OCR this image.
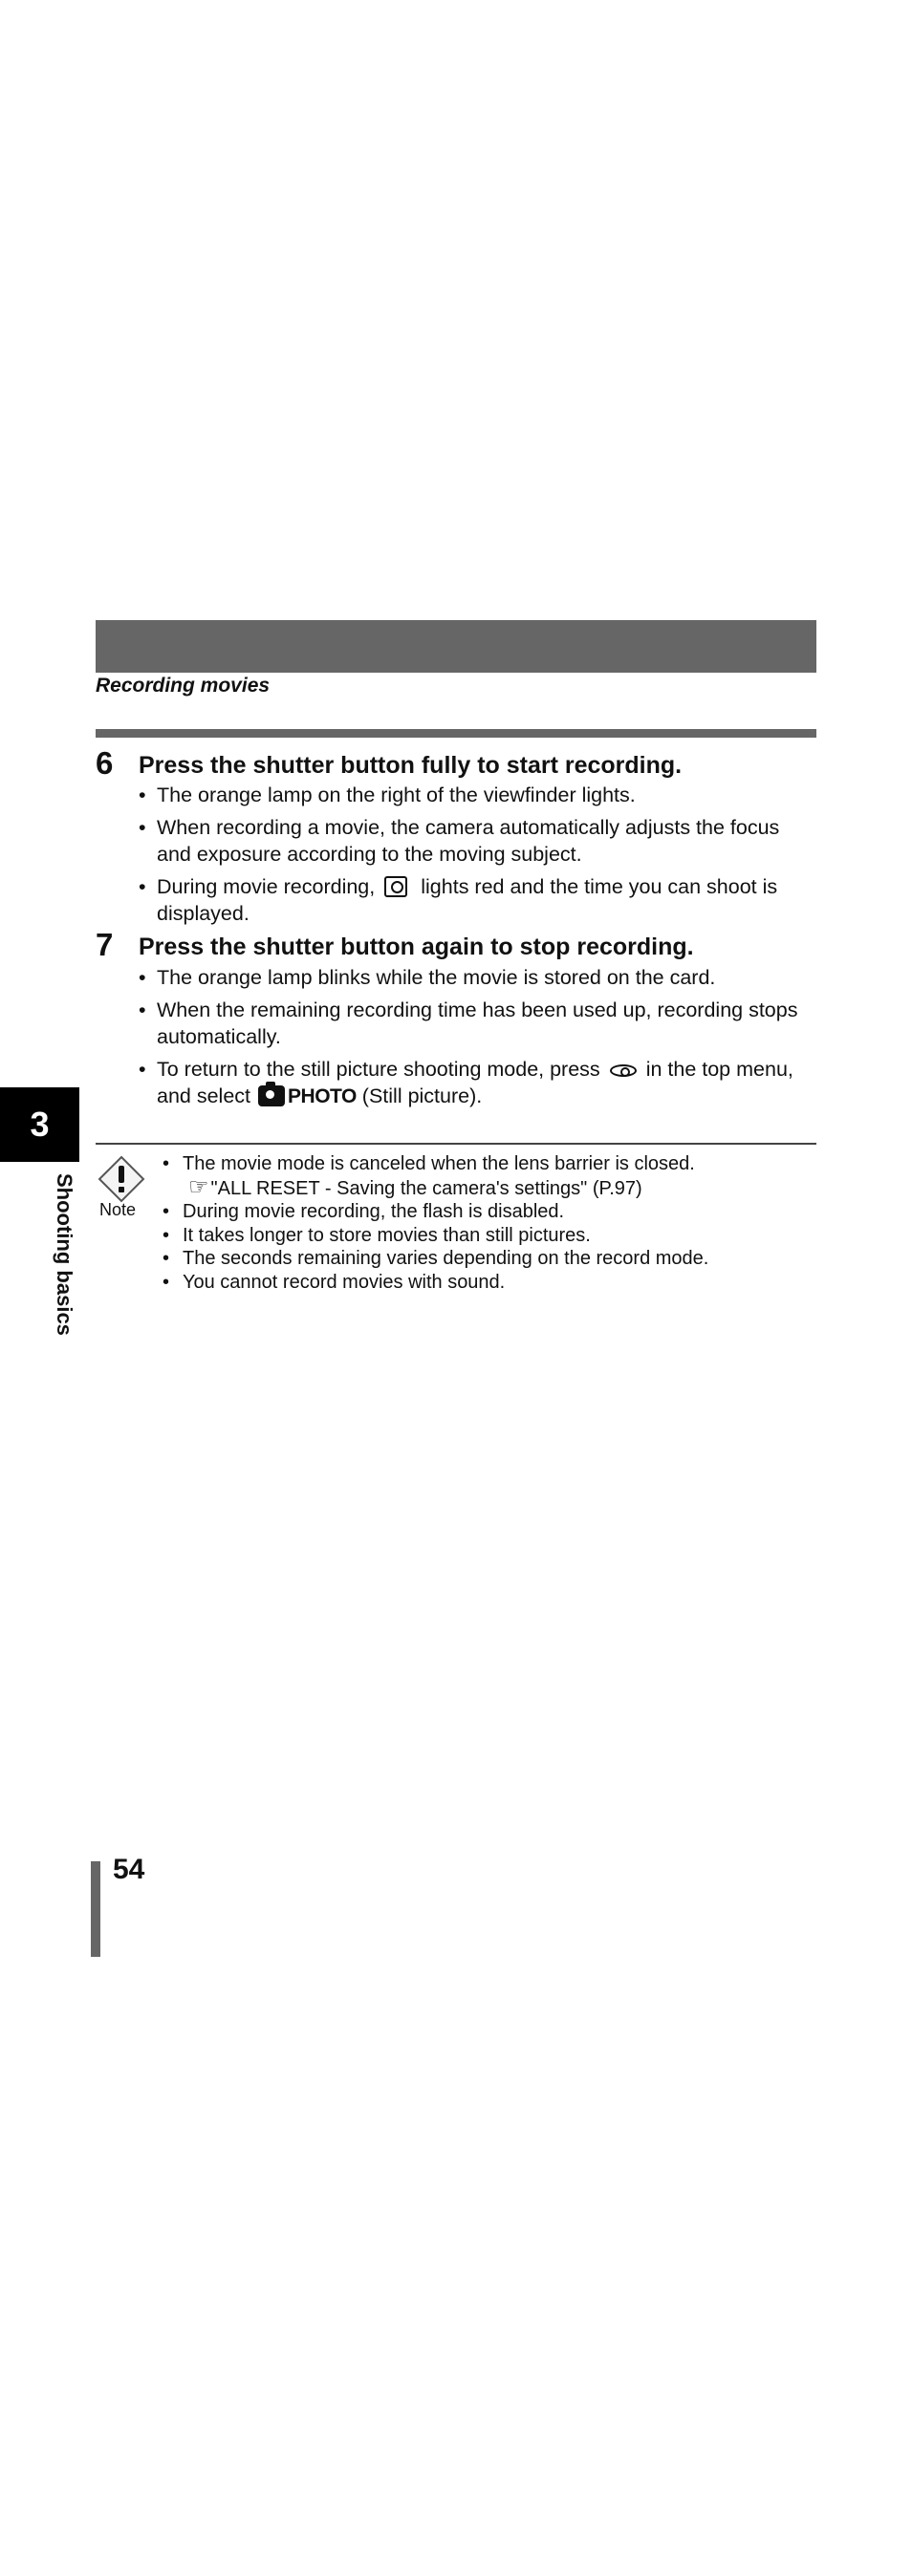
Recording movies
6 Press the shutter button fully to start recording.
• The orange lamp on the right of the viewfinder lights.
• When recording a movie, the camera automatically adjusts the focus and exposure according to the moving subject.
• During movie recording, lights red and the time you can shoot is displayed.
7 Press the shutter button again to stop recording.
• The orange lamp blinks while the movie is stored on the card.
• When the remaining recording time has been used up, recording stops automatically.
• To return to the still picture shooting mode, press in the top menu, and select PHOTO (Still picture).
Note
• The movie mode is canceled when the lens barrier is closed.
☞ "ALL RESET - Saving the camera's settings" (P.97)
• During movie recording, the flash is disabled.
• It takes longer to store movies than still pictures.
• The seconds remaining varies depending on the record mode.
• You cannot record movies with sound.
3
Shooting basics
54
